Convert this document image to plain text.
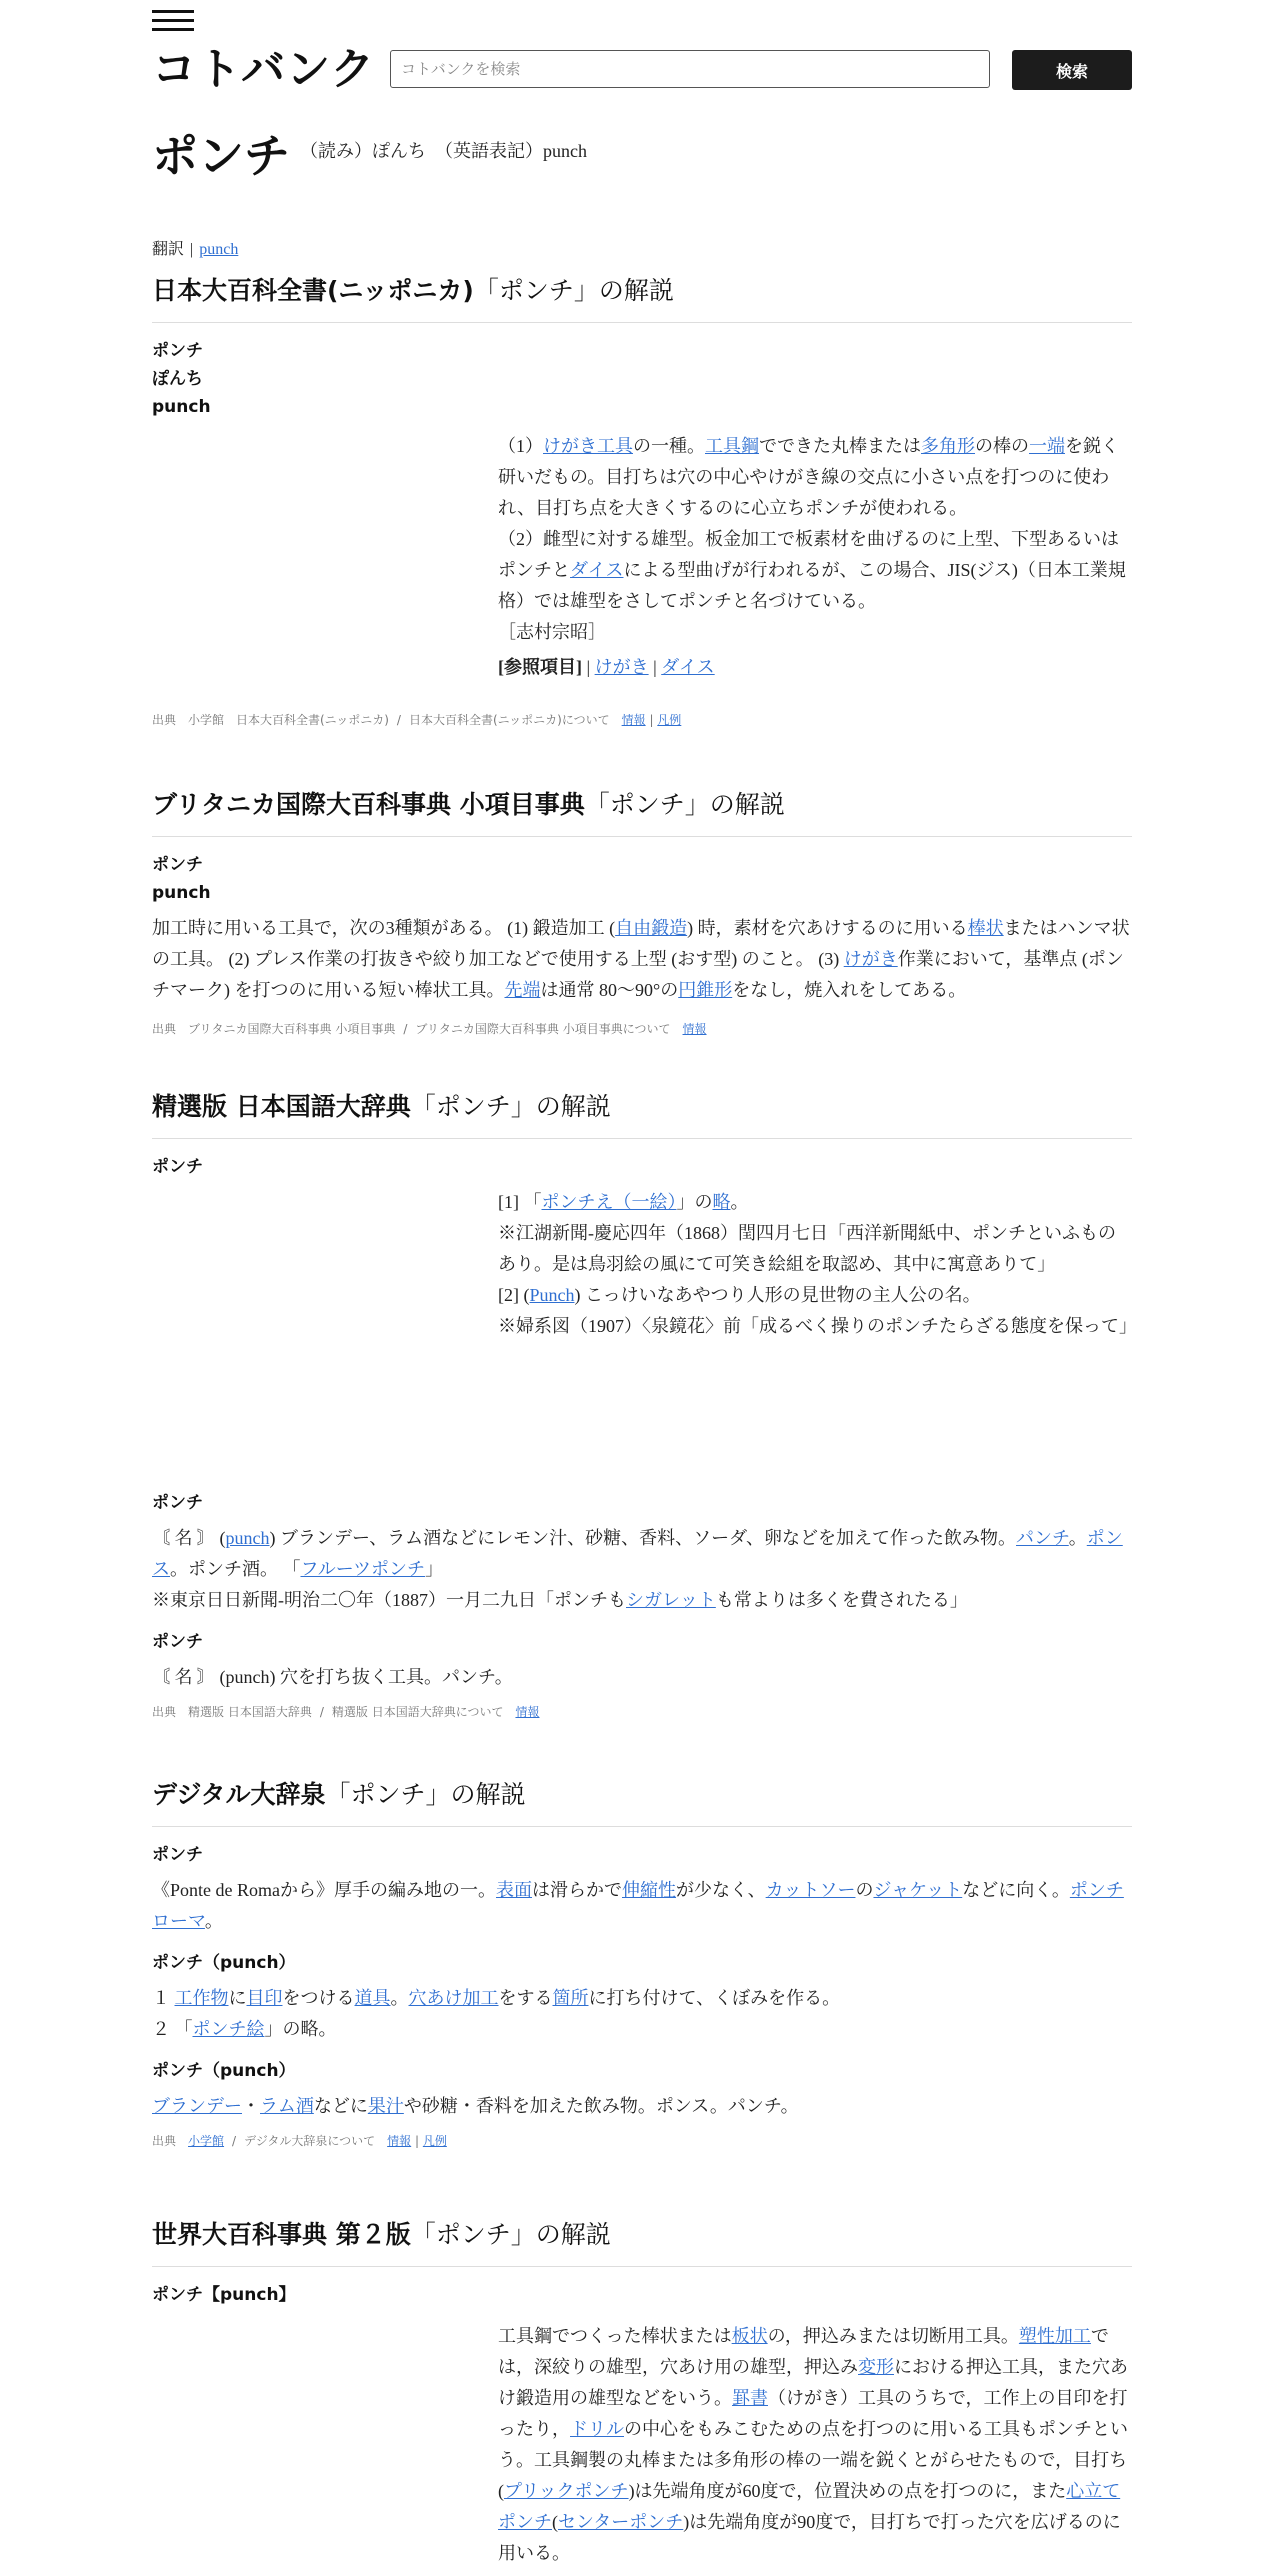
コトバンク
コトバンクを検索	検索
ポンチ （読み）ぽんち　（英語表記）punch
翻訳 | punch
日本大百科全書(ニッポニカ)「ポンチ」の解説
ポンチ
ぽんち
punch
（1）けがき工具の一種。工具鋼でできた丸棒または多角形の棒の一端を鋭く研いだもの。目打ちは穴の中心やけがき線の交点に小さい点を打つのに使われ、目打ち点を大きくするのに心立ちポンチが使われる。
（2）雌型に対する雄型。板金加工で板素材を曲げるのに上型、下型あるいはポンチとダイスによる型曲げが行われるが、この場合、JIS(ジス)（日本工業規格）では雄型をさしてポンチと名づけている。
［志村宗昭］
[参照項目] | けがき | ダイス
出典　小学館　日本大百科全書(ニッポニカ) / 日本大百科全書(ニッポニカ)について　 情報 | 凡例
ブリタニカ国際大百科事典 小項目事典「ポンチ」の解説
ポンチ
punch
加工時に用いる工具で，次の3種類がある。 (1) 鍛造加工 (自由鍛造) 時，素材を穴あけするのに用いる棒状またはハンマ状の工具。 (2) プレス作業の打抜きや絞り加工などで使用する上型 (おす型) のこと。 (3) けがき作業において，基準点 (ポンチマーク) を打つのに用いる短い棒状工具。先端は通常 80～90°の円錐形をなし，焼入れをしてある。
出典　ブリタニカ国際大百科事典 小項目事典 / ブリタニカ国際大百科事典 小項目事典について　 情報
精選版 日本国語大辞典「ポンチ」の解説
ポンチ
[1] 「ポンチえ（一絵）」の略。
※江湖新聞-慶応四年（1868）閏四月七日「西洋新聞紙中、ポンチといふものあり。是は鳥羽絵の風にて可笑き絵組を取認め、其中に寓意ありて」
[2] (Punch) こっけいなあやつり人形の見世物の主人公の名。
※婦系図（1907）〈泉鏡花〉前「成るべく操りのポンチたらざる態度を保って」
ポンチ
〘 名 〙 (punch) ブランデー、ラム酒などにレモン汁、砂糖、香料、ソーダ、卵などを加えて作った飲み物。パンチ。ポンス。ポンチ酒。 「フルーツポンチ」
※東京日日新聞-明治二〇年（1887）一月二九日「ポンチもシガレットも常よりは多くを費されたる」
ポンチ
〘 名 〙 (punch) 穴を打ち抜く工具。パンチ。
出典　精選版 日本国語大辞典 / 精選版 日本国語大辞典について　 情報
デジタル大辞泉「ポンチ」の解説
ポンチ
《Ponte de Romaから》厚手の編み地の一。表面は滑らかで伸縮性が少なく、カットソーのジャケットなどに向く。ポンチローマ。
ポンチ（punch）
１ 工作物に目印をつける道具。穴あけ加工をする箇所に打ち付けて、くぼみを作る。
２ 「ポンチ絵」の略。
ポンチ（punch）
ブランデー・ラム酒などに果汁や砂糖・香料を加えた飲み物。ポンス。パンチ。
出典　 小学館 / デジタル大辞泉について　 情報 | 凡例
世界大百科事典 第２版「ポンチ」の解説
ポンチ【punch】
工具鋼でつくった棒状または板状の，押込みまたは切断用工具。塑性加工では，深絞りの雄型，穴あけ用の雄型，押込み変形における押込工具，また穴あけ鍛造用の雄型などをいう。罫書（けがき）工具のうちで，工作上の目印を打ったり，ドリルの中心をもみこむための点を打つのに用いる工具もポンチという。工具鋼製の丸棒または多角形の棒の一端を鋭くとがらせたもので，目打ち(プリックポンチ)は先端角度が60度で，位置決めの点を打つのに，また心立てポンチ(センターポンチ)は先端角度が90度で，目打ちで打った穴を広げるのに用いる。
